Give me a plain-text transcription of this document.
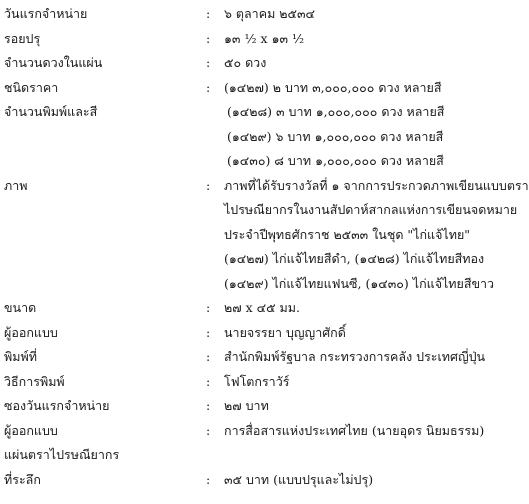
วันแรกจำหน่าย	: ๖ ตุลาคม ๒๕๓๔
รอยปรุ	: ๑๓ ½ x ๑๓ ½
จำนวนดวงในแผ่น	: ๕๐ ดวง
ชนิดราคา	: (๑๔๒๗) ๒ บาท ๓,๐๐๐,๐๐๐ ดวง หลายสี
จำนวนพิมพ์และสี	(๑๔๒๘) ๓ บาท ๑,๐๐๐,๐๐๐ ดวง หลายสี
(๑๔๒๙) ๖ บาท ๑,๐๐๐,๐๐๐ ดวง หลายสี
(๑๔๓๐) ๘ บาท ๑,๐๐๐,๐๐๐ ดวง หลายสี
ภาพ	: ภาพที่ได้รับรางวัลที่ ๑ จากการประกวดภาพเขียนแบบตรา
ไปรษณียากรในงานสัปดาห์สากลแห่งการเขียนจดหมาย
ประจำปีพุทธศักราช ๒๕๓๓ ในชุด "ไก่แจ้ไทย"
(๑๔๒๗) ไก่แจ้ไทยสีดำ, (๑๔๒๘) ไก่แจ้ไทยสีทอง
(๑๔๒๙) ไก่แจ้ไทยแฟนซี, (๑๔๓๐) ไก่แจ้ไทยสีขาว
ขนาด	: ๒๗ x ๔๕ มม.
ผู้ออกแบบ	: นายจรรยา บุญญาศักดิ์
พิมพ์ที่	: สำนักพิมพ์รัฐบาล กระทรวงการคลัง ประเทศญี่ปุ่น
วิธีการพิมพ์	: โฟโตกราวัร์
ซองวันแรกจำหน่าย	: ๒๗ บาท
ผู้ออกแบบ	: การสื่อสารแห่งประเทศไทย (นายอุดร นิยมธรรม)
แผ่นตราไปรษณียากร
ที่ระลึก	: ๓๕ บาท (แบบปรุและไม่ปรุ)
